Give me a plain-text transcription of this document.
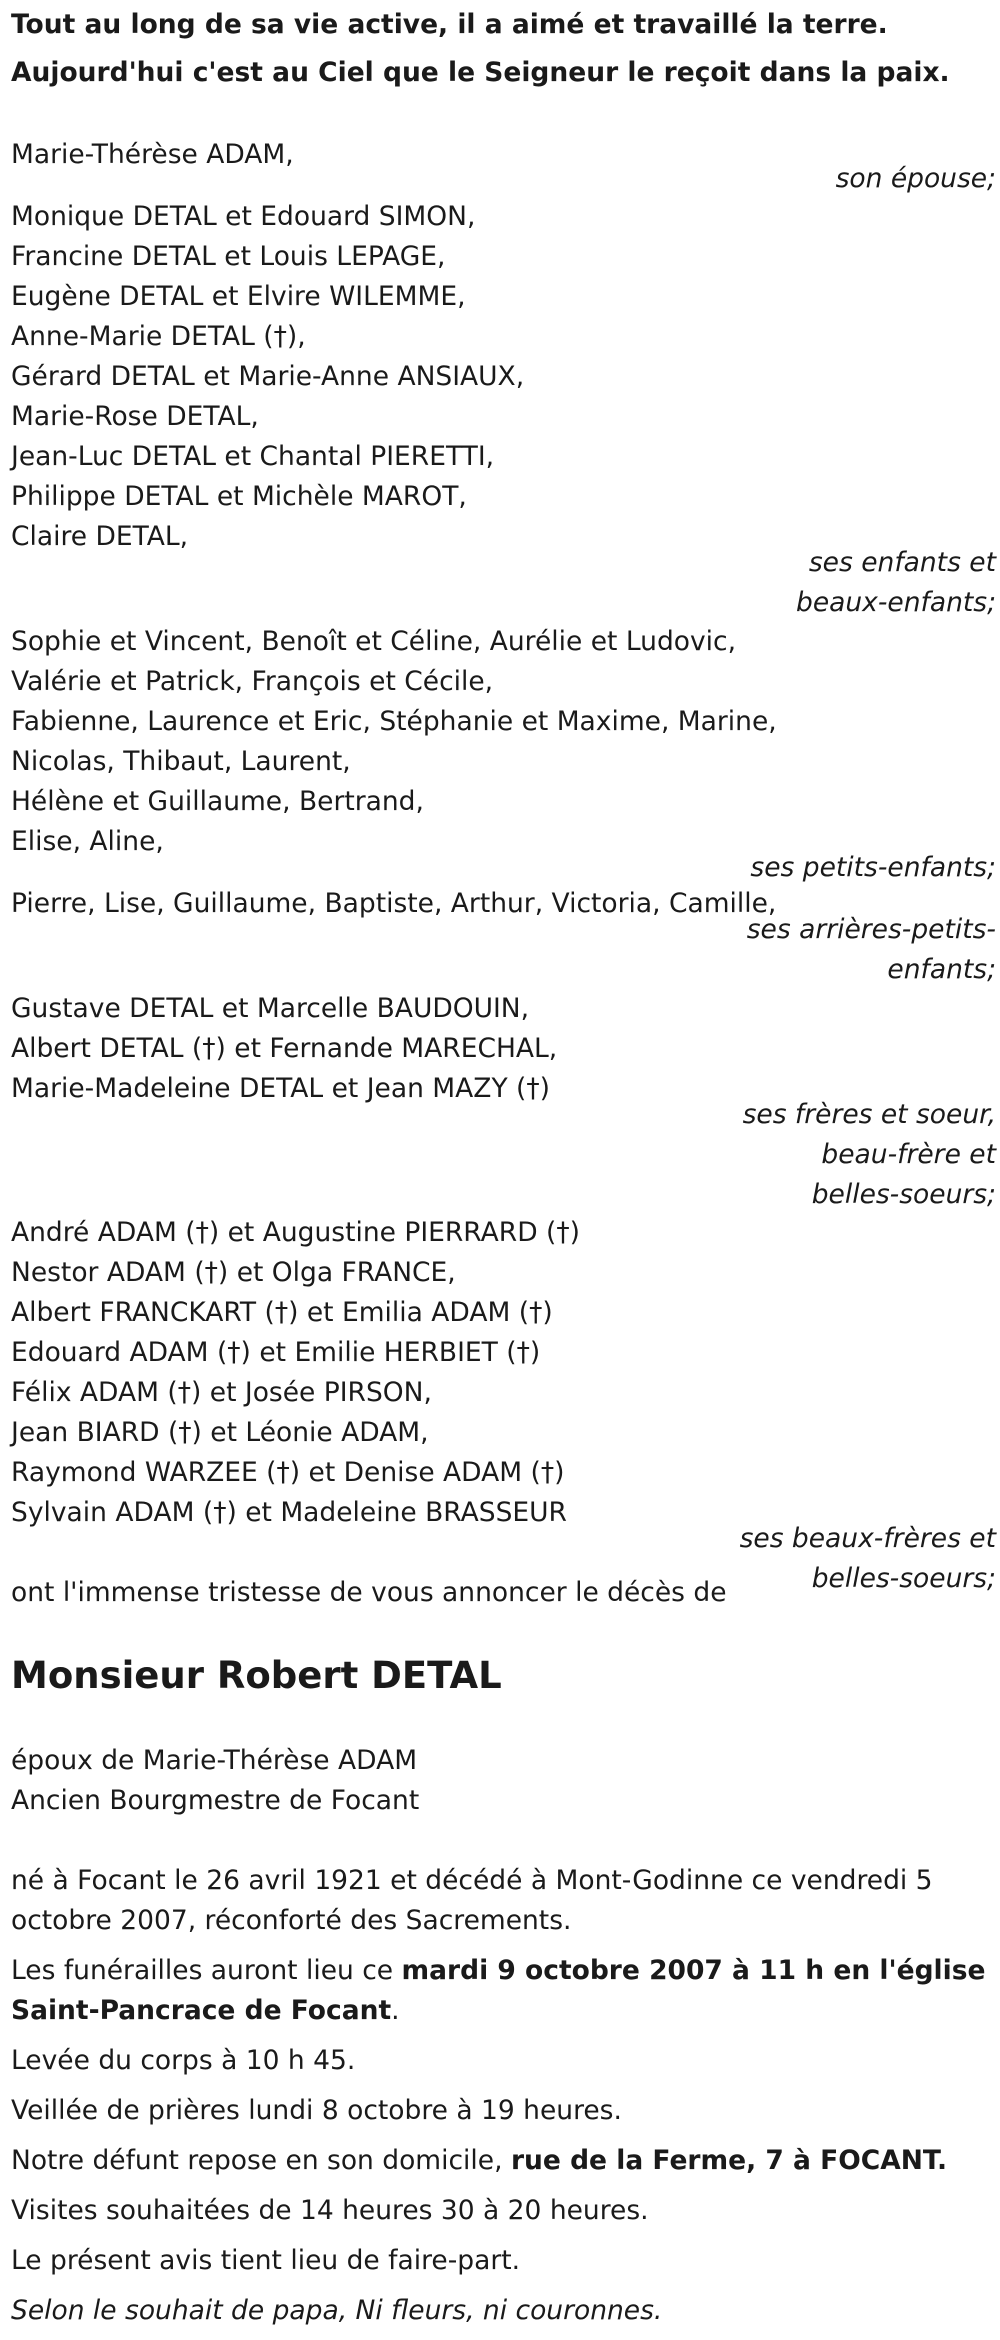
Tout au long de sa vie active, il a aimé et travaillé la terre.
Aujourd'hui c'est au Ciel que le Seigneur le reçoit dans la paix.
Marie-Thérèse ADAM,
son épouse;
Monique DETAL et Edouard SIMON,
Francine DETAL et Louis LEPAGE,
Eugène DETAL et Elvire WILEMME,
Anne-Marie DETAL (†),
Gérard DETAL et Marie-Anne ANSIAUX,
Marie-Rose DETAL,
Jean-Luc DETAL et Chantal PIERETTI,
Philippe DETAL et Michèle MAROT,
Claire DETAL,
ses enfants et
beaux-enfants;
Sophie et Vincent, Benoît et Céline, Aurélie et Ludovic,
Valérie et Patrick, François et Cécile,
Fabienne, Laurence et Eric, Stéphanie et Maxime, Marine,
Nicolas, Thibaut, Laurent,
Hélène et Guillaume, Bertrand,
Elise, Aline,
ses petits-enfants;
Pierre, Lise, Guillaume, Baptiste, Arthur, Victoria, Camille,
ses arrières-petits-
enfants;
Gustave DETAL et Marcelle BAUDOUIN,
Albert DETAL (†) et Fernande MARECHAL,
Marie-Madeleine DETAL et Jean MAZY (†)
ses frères et soeur,
beau-frère et
belles-soeurs;
André ADAM (†) et Augustine PIERRARD (†)
Nestor ADAM (†) et Olga FRANCE,
Albert FRANCKART (†) et Emilia ADAM (†)
Edouard ADAM (†) et Emilie HERBIET (†)
Félix ADAM (†) et Josée PIRSON,
Jean BIARD (†) et Léonie ADAM,
Raymond WARZEE (†) et Denise ADAM (†)
Sylvain ADAM (†) et Madeleine BRASSEUR
ses beaux-frères et
belles-soeurs;
ont l'immense tristesse de vous annoncer le décès de
Monsieur Robert DETAL
époux de Marie-Thérèse ADAM
Ancien Bourgmestre de Focant
né à Focant le 26 avril 1921 et décédé à Mont-Godinne ce vendredi 5
octobre 2007, réconforté des Sacrements.
Les funérailles auront lieu ce mardi 9 octobre 2007 à 11 h en l'église
Saint-Pancrace de Focant.
Levée du corps à 10 h 45.
Veillée de prières lundi 8 octobre à 19 heures.
Notre défunt repose en son domicile, rue de la Ferme, 7 à FOCANT.
Visites souhaitées de 14 heures 30 à 20 heures.
Le présent avis tient lieu de faire-part.
Selon le souhait de papa, Ni fleurs, ni couronnes.
